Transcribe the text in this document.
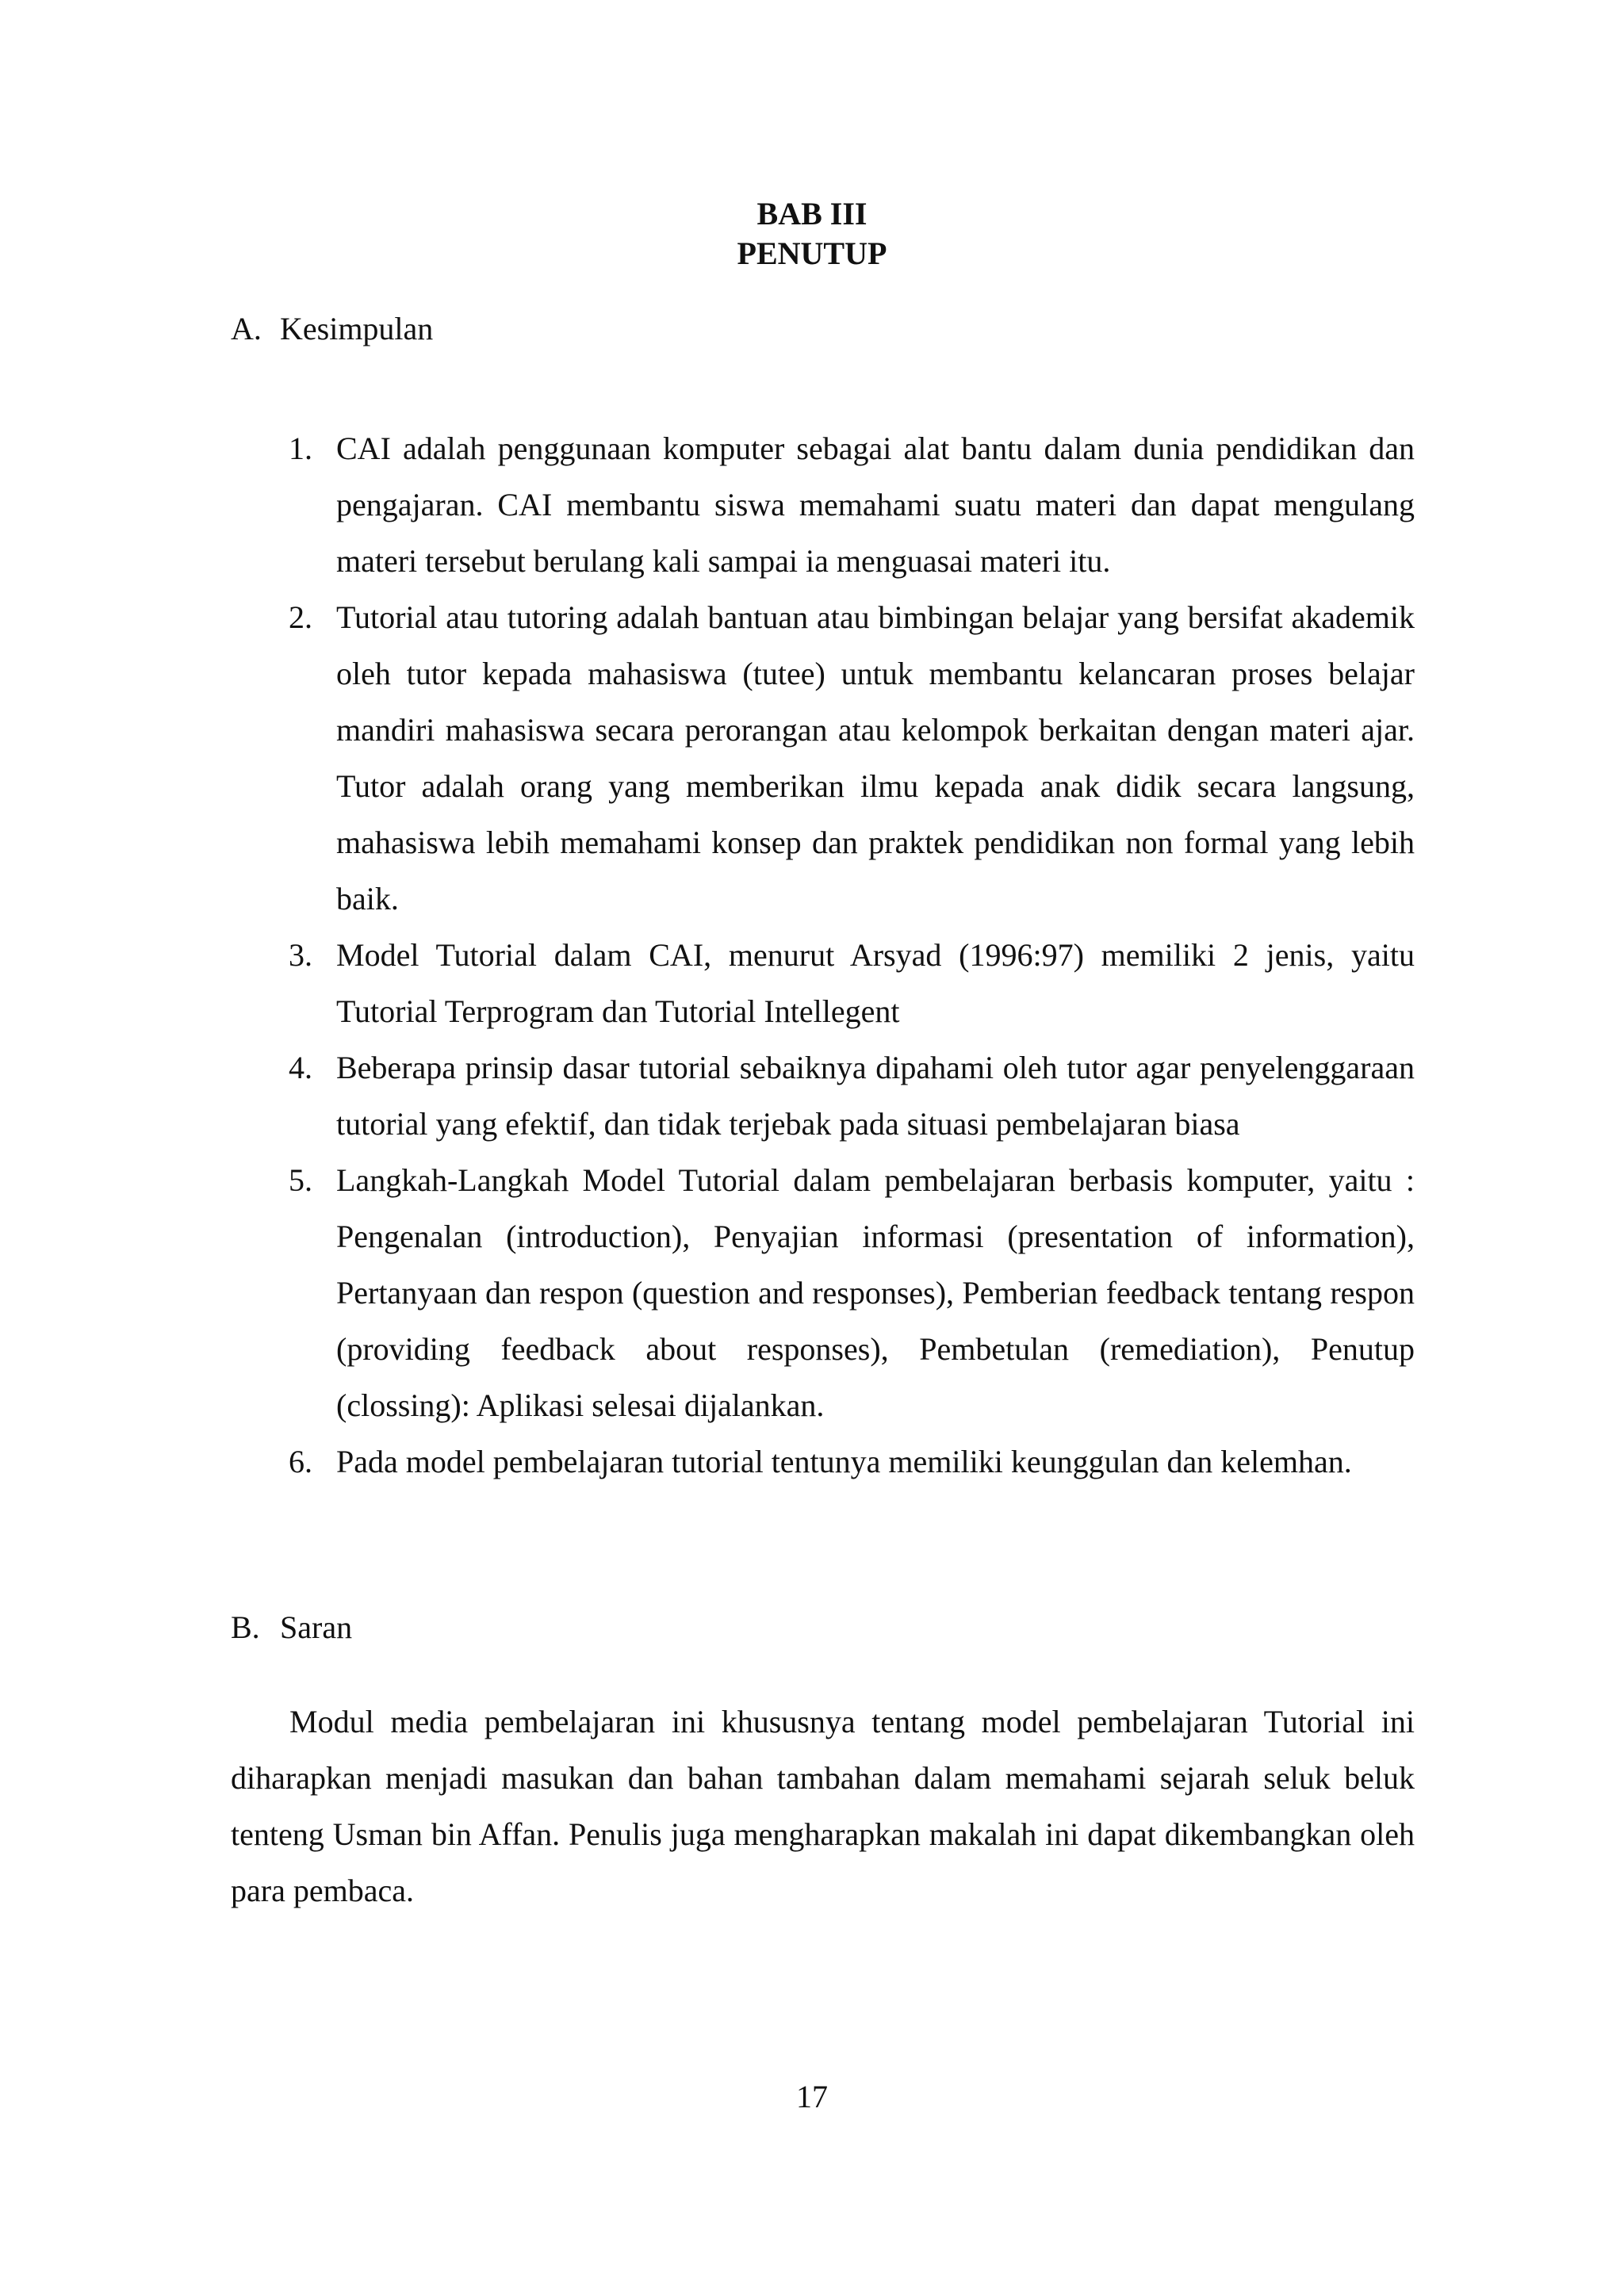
BAB III
PENUTUP
A. Kesimpulan
1. CAI adalah penggunaan komputer sebagai alat bantu dalam dunia pendidikan dan pengajaran. CAI membantu siswa memahami suatu materi dan dapat mengulang materi tersebut berulang kali sampai ia menguasai materi itu.
2. Tutorial atau tutoring adalah bantuan atau bimbingan belajar yang bersifat akademik oleh tutor kepada mahasiswa (tutee) untuk membantu kelancaran proses belajar mandiri mahasiswa secara perorangan atau kelompok berkaitan dengan materi ajar. Tutor adalah orang yang memberikan ilmu kepada anak didik secara langsung, mahasiswa lebih memahami konsep dan praktek pendidikan non formal yang lebih baik.
3. Model Tutorial dalam CAI, menurut Arsyad (1996:97) memiliki 2 jenis, yaitu Tutorial Terprogram dan Tutorial Intellegent
4. Beberapa prinsip dasar tutorial sebaiknya dipahami oleh tutor agar penyelenggaraan tutorial yang efektif, dan tidak terjebak pada situasi pembelajaran biasa
5. Langkah-Langkah Model Tutorial dalam pembelajaran berbasis komputer, yaitu : Pengenalan (introduction), Penyajian informasi (presentation of information), Pertanyaan dan respon (question and responses), Pemberian feedback tentang respon (providing feedback about responses), Pembetulan (remediation), Penutup (clossing): Aplikasi selesai dijalankan.
6. Pada model pembelajaran tutorial tentunya memiliki keunggulan dan kelemhan.
B. Saran

Modul media pembelajaran ini khususnya tentang model pembelajaran Tutorial ini diharapkan menjadi masukan dan bahan tambahan dalam memahami sejarah seluk beluk tenteng Usman bin Affan. Penulis juga mengharapkan makalah ini dapat dikembangkan oleh para pembaca.

17
